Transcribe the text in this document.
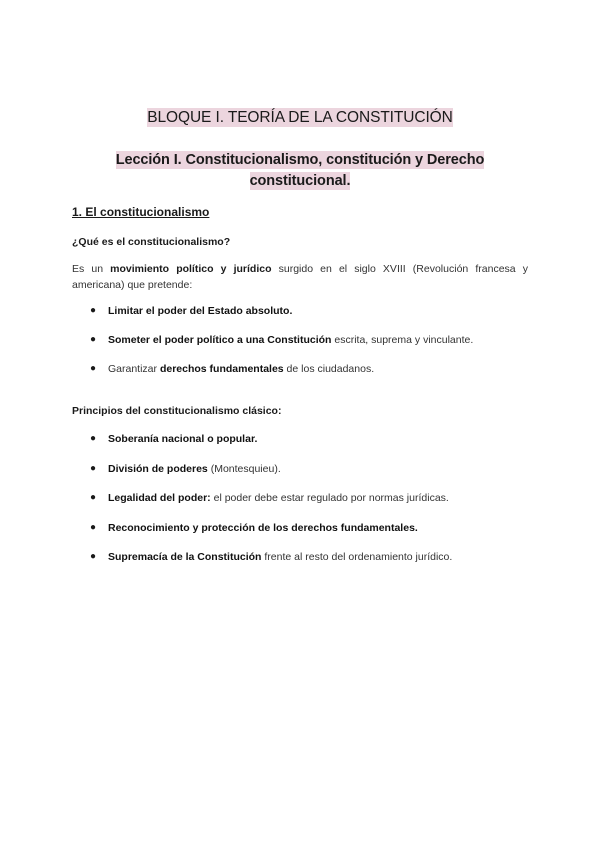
BLOQUE I. TEORÍA DE LA CONSTITUCIÓN
Lección I. Constitucionalismo, constitución y Derecho
constitucional.
1. El constitucionalismo
¿Qué es el constitucionalismo?
Es un movimiento político y jurídico surgido en el siglo XVIII (Revolución francesa y americana) que pretende:
● Limitar el poder del Estado absoluto.
● Someter el poder político a una Constitución escrita, suprema y vinculante.
● Garantizar derechos fundamentales de los ciudadanos.
Principios del constitucionalismo clásico:
● Soberanía nacional o popular.
● División de poderes (Montesquieu).
● Legalidad del poder: el poder debe estar regulado por normas jurídicas.
● Reconocimiento y protección de los derechos fundamentales.
● Supremacía de la Constitución frente al resto del ordenamiento jurídico.
